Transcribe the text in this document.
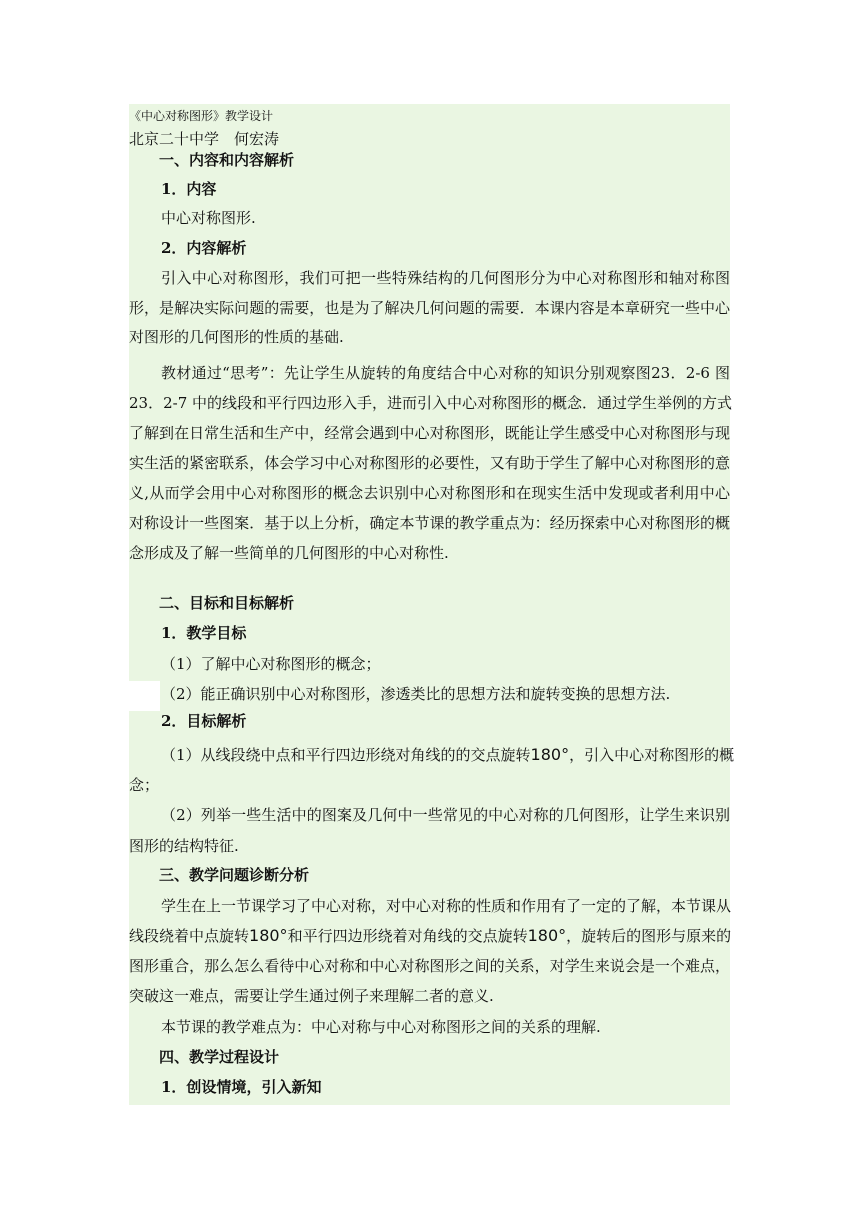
《中心对称图形》教学设计
北京二十中学　何宏涛
一、内容和内容解析
1．内容
中心对称图形.
2．内容解析
引入中心对称图形，我们可把一些特殊结构的几何图形分为中心对称图形和轴对称图
形，是解决实际问题的需要，也是为了解决几何问题的需要．本课内容是本章研究一些中心
对图形的几何图形的性质的基础.
教材通过“思考”：先让学生从旋转的角度结合中心对称的知识分别观察图23．2-6 图
23．2-7 中的线段和平行四边形入手，进而引入中心对称图形的概念．通过学生举例的方式
了解到在日常生活和生产中，经常会遇到中心对称图形，既能让学生感受中心对称图形与现
实生活的紧密联系，体会学习中心对称图形的必要性，又有助于学生了解中心对称图形的意
义,从而学会用中心对称图形的概念去识别中心对称图形和在现实生活中发现或者利用中心
对称设计一些图案．基于以上分析，确定本节课的教学重点为：经历探索中心对称图形的概
念形成及了解一些简单的几何图形的中心对称性.
二、目标和目标解析
1．教学目标
（1）了解中心对称图形的概念；
（2）能正确识别中心对称图形，渗透类比的思想方法和旋转变换的思想方法.
2．目标解析
（1）从线段绕中点和平行四边形绕对角线的的交点旋转180°，引入中心对称图形的概
念；
（2）列举一些生活中的图案及几何中一些常见的中心对称的几何图形，让学生来识别
图形的结构特征.
三、教学问题诊断分析
学生在上一节课学习了中心对称，对中心对称的性质和作用有了一定的了解，本节课从
线段绕着中点旋转180°和平行四边形绕着对角线的交点旋转180°，旋转后的图形与原来的
图形重合，那么怎么看待中心对称和中心对称图形之间的关系，对学生来说会是一个难点，
突破这一难点，需要让学生通过例子来理解二者的意义.
本节课的教学难点为：中心对称与中心对称图形之间的关系的理解.
四、教学过程设计
1．创设情境，引入新知
